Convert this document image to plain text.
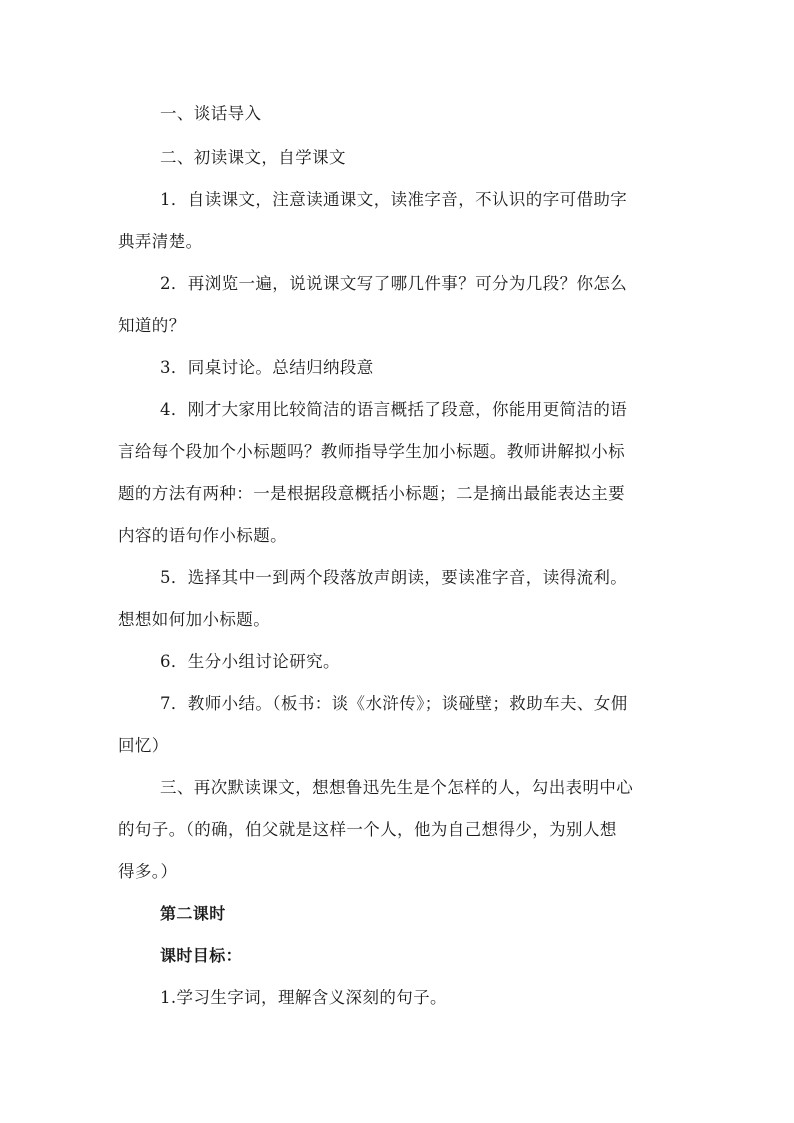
一、谈话导入
二、初读课文，自学课文
1．自读课文，注意读通课文，读准字音，不认识的字可借助字
典弄清楚。
2．再浏览一遍，说说课文写了哪几件事？可分为几段？你怎么
知道的？
3．同桌讨论。总结归纳段意
4．刚才大家用比较简洁的语言概括了段意，你能用更简洁的语
言给每个段加个小标题吗？教师指导学生加小标题。教师讲解拟小标
题的方法有两种：一是根据段意概括小标题；二是摘出最能表达主要
内容的语句作小标题。
5．选择其中一到两个段落放声朗读，要读准字音，读得流利。
想想如何加小标题。
6．生分小组讨论研究。
7．教师小结。（板书：谈《水浒传》；谈碰壁；救助车夫、女佣
回忆）
三、再次默读课文，想想鲁迅先生是个怎样的人，勾出表明中心
的句子。（的确，伯父就是这样一个人，他为自己想得少，为别人想
得多。）
第二课时
课时目标：
1.学习生字词，理解含义深刻的句子。
